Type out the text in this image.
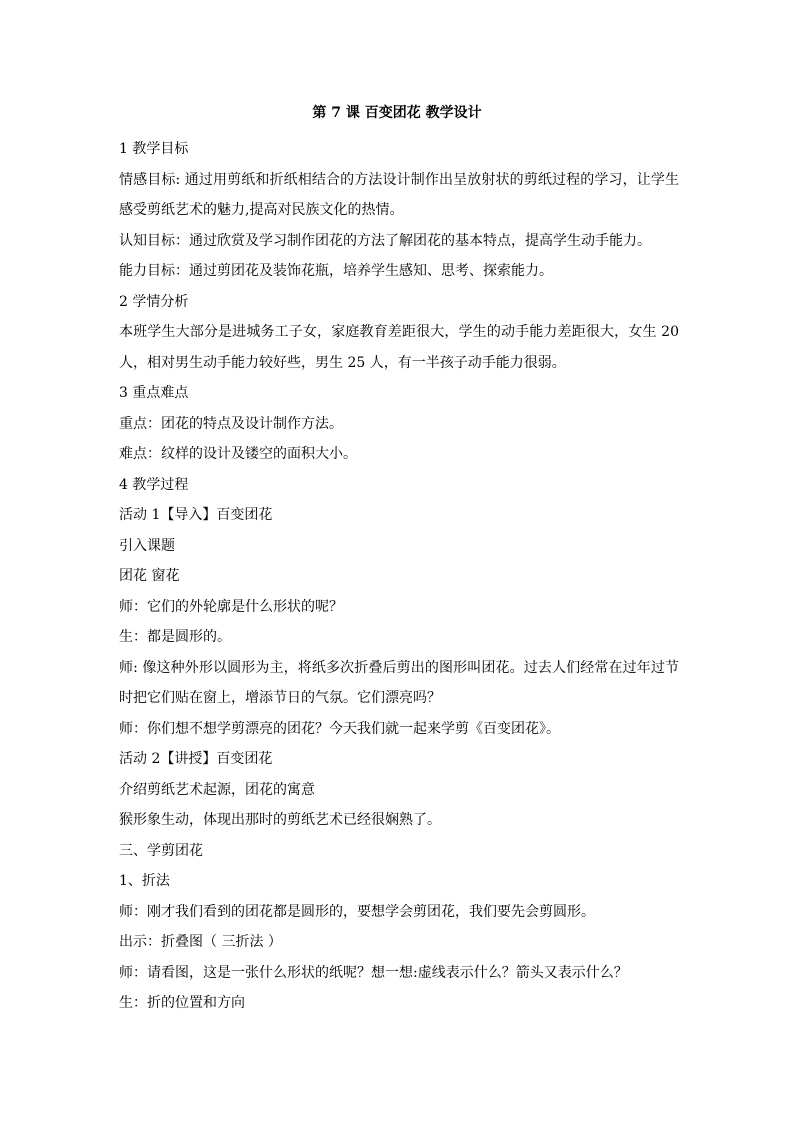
第 7 课 百变团花 教学设计

1 教学目标

情感目标: 通过用剪纸和折纸相结合的方法设计制作出呈放射状的剪纸过程的学习，让学生

感受剪纸艺术的魅力,提高对民族文化的热情。

认知目标：通过欣赏及学习制作团花的方法了解团花的基本特点，提高学生动手能力。

能力目标：通过剪团花及装饰花瓶，培养学生感知、思考、探索能力。

2 学情分析

本班学生大部分是进城务工子女，家庭教育差距很大，学生的动手能力差距很大，女生 20

人，相对男生动手能力较好些，男生 25 人，有一半孩子动手能力很弱。

3 重点难点

重点：团花的特点及设计制作方法。

难点：纹样的设计及镂空的面积大小。

4 教学过程

活动 1【导入】百变团花

引入课题

团花 窗花

师：它们的外轮廓是什么形状的呢？

生：都是圆形的。

师: 像这种外形以圆形为主，将纸多次折叠后剪出的图形叫团花。过去人们经常在过年过节

时把它们贴在窗上，增添节日的气氛。它们漂亮吗？

师：你们想不想学剪漂亮的团花？今天我们就一起来学剪《百变团花》。

活动 2【讲授】百变团花

介绍剪纸艺术起源，团花的寓意

猴形象生动，体现出那时的剪纸艺术已经很娴熟了。

三、学剪团花

1、折法

师：刚才我们看到的团花都是圆形的，要想学会剪团花，我们要先会剪圆形。

出示：折叠图（ 三折法 ）

师：请看图，这是一张什么形状的纸呢？想一想:虚线表示什么？箭头又表示什么？

生：折的位置和方向
